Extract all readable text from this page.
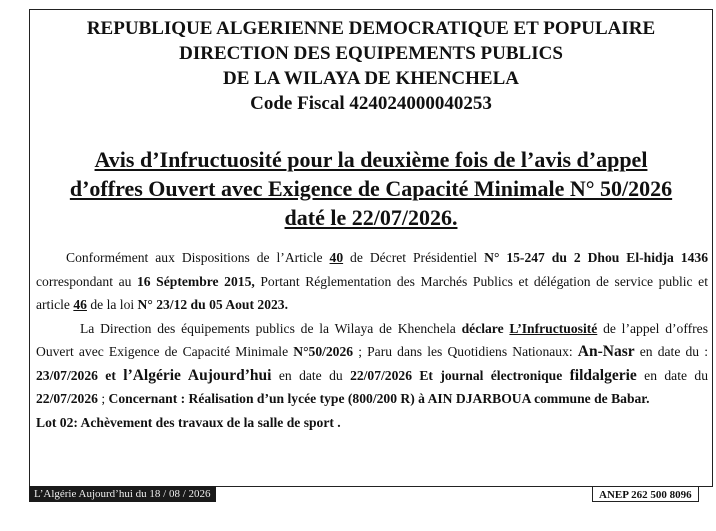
REPUBLIQUE ALGERIENNE DEMOCRATIQUE ET POPULAIRE
DIRECTION DES EQUIPEMENTS PUBLICS
DE LA WILAYA DE KHENCHELA
Code Fiscal 424024000040253
Avis d’Infructuosité pour la deuxième fois de l’avis d’appel
d’offres Ouvert avec Exigence de Capacité Minimale N° 50/2026
daté le 22/07/2026.

Conformément aux Dispositions de l’Article 40 de Décret Présidentiel N° 15-247 du 2 Dhou El-hidja 1436 correspondant au 16 Séptembre 2015, Portant Réglementation des Marchés Publics et délégation de service public et article 46 de la loi N° 23/12 du 05 Aout 2023.

La Direction des équipements publics de la Wilaya de Khenchela déclare L’Infructuosité de l’appel d’offres Ouvert avec Exigence de Capacité Minimale N°50/2026 ; Paru dans les Quotidiens Nationaux: An-Nasr en date du : 23/07/2026 et l’Algérie Aujourd’hui en date du 22/07/2026 Et journal électronique fildalgerie en date du 22/07/2026 ; Concernant : Réalisation d’un lycée type (800/200 R) à AIN DJARBOUA commune de Babar.

Lot 02: Achèvement des travaux de la salle de sport .

L’Algérie Aujourd’hui du 18 / 08 / 2026	ANEP 262 500 8096
